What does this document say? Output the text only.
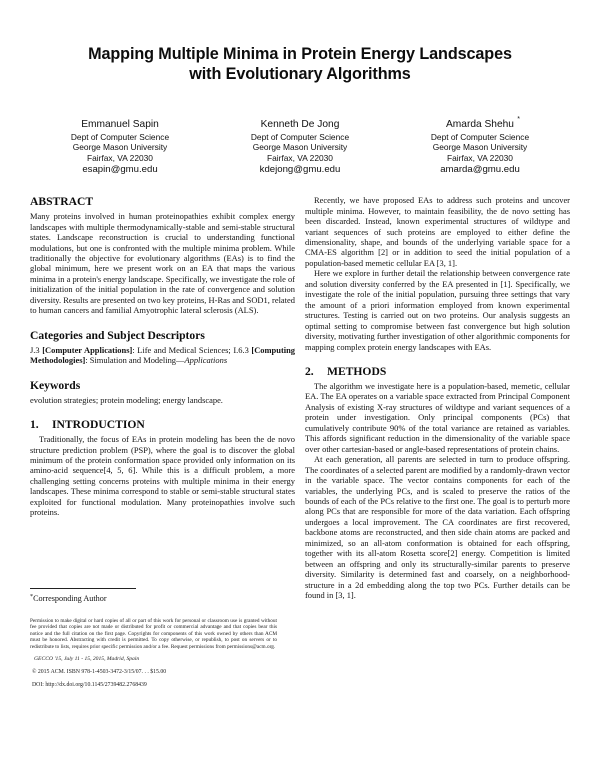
Mapping Multiple Minima in Protein Energy Landscapes
with Evolutionary Algorithms
Emmanuel Sapin
Dept of Computer Science
George Mason University
Fairfax, VA 22030
esapin@gmu.edu
Kenneth De Jong
Dept of Computer Science
George Mason University
Fairfax, VA 22030
kdejong@gmu.edu
Amarda Shehu *
Dept of Computer Science
George Mason University
Fairfax, VA 22030
amarda@gmu.edu
ABSTRACT

Many proteins involved in human proteinopathies exhibit complex energy landscapes with multiple thermodynamically-stable and semi-stable structural states. Landscape reconstruction is crucial to understanding functional modulations, but one is confronted with the multiple minima problem. While traditionally the objective for evolutionary algorithms (EAs) is to find the global minimum, here we present work on an EA that maps the various minima in a protein's energy landscape. Specifically, we investigate the role of initialization of the initial population in the rate of convergence and solution diversity. Results are presented on two key proteins, H-Ras and SOD1, related to human cancers and familial Amyotrophic lateral sclerosis (ALS).

Categories and Subject Descriptors

J.3 [Computer Applications]: Life and Medical Sciences; I.6.3 [Computing Methodologies]: Simulation and Modeling—Applications

Keywords

evolution strategies; protein modeling; energy landscape.

1. INTRODUCTION

Traditionally, the focus of EAs in protein modeling has been the de novo structure prediction problem (PSP), where the goal is to discover the global minimum of the protein conformation space provided only information on its amino-acid sequence[4, 5, 6]. While this is a difficult problem, a more challenging setting concerns proteins with multiple minima in their energy landscapes. These minima correspond to stable or semi-stable structural states exploited for functional modulation. Many proteinopathies involve such proteins.

*Corresponding Author

Permission to make digital or hard copies of all or part of this work for personal or classroom use is granted without fee provided that copies are not made or distributed for profit or commercial advantage and that copies bear this notice and the full citation on the first page. Copyrights for components of this work owned by others than ACM must be honored. Abstracting with credit is permitted. To copy otherwise, or republish, to post on servers or to redistribute to lists, requires prior specific permission and/or a fee. Request permissions from permissions@acm.org.

GECCO '15, July 11 - 15, 2015, Madrid, Spain

© 2015 ACM. ISBN 978-1-4503-3472-3/15/07. . . $15.00

DOI: http://dx.doi.org/10.1145/2739482.2768439

Recently, we have proposed EAs to address such proteins and uncover multiple minima. However, to maintain feasibility, the de novo setting has been discarded. Instead, known experimental structures of wildtype and variant sequences of such proteins are employed to either define the dimensionality, shape, and bounds of the underlying variable space for a CMA-ES algorithm [2] or in addition to seed the initial population of a population-based memetic cellular EA [3, 1].

Here we explore in further detail the relationship between convergence rate and solution diversity conferred by the EA presented in [1]. Specifically, we investigate the role of the initial population, pursuing three settings that vary the amount of a priori information employed from known experimental structures. Testing is carried out on two proteins. Our analysis suggests an optimal setting to compromise between fast convergence but high solution diversity, motivating further investigation of other algorithmic components for mapping complex protein energy landscapes with EAs.

2. METHODS

The algorithm we investigate here is a population-based, memetic, cellular EA. The EA operates on a variable space extracted from Principal Component Analysis of existing X-ray structures of wildtype and variant sequences of a protein under investigation. Only principal components (PCs) that cumulatively contribute 90% of the total variance are retained as variables. This affords significant reduction in the dimensionality of the variable space over other cartesian-based or angle-based representations of protein chains.

At each generation, all parents are selected in turn to produce offspring. The coordinates of a selected parent are modified by a randomly-drawn vector in the variable space. The vector contains components for each of the variables, the underlying PCs, and is scaled to preserve the ratios of the bounds of each of the PCs relative to the first one. The goal is to perturb more along PCs that are responsible for more of the data variation. Each offspring undergoes a local improvement. The CA coordinates are first recovered, backbone atoms are reconstructed, and then side chain atoms are packed and minimized, so an all-atom conformation is obtained for each offspring, together with its all-atom Rosetta score[2] energy. Competition is limited between an offspring and only its structurally-similar parents to preserve diversity. Similarity is determined fast and coarsely, on a neighborhood-structure in a 2d embedding along the top two PCs. Further details can be found in [3, 1].
